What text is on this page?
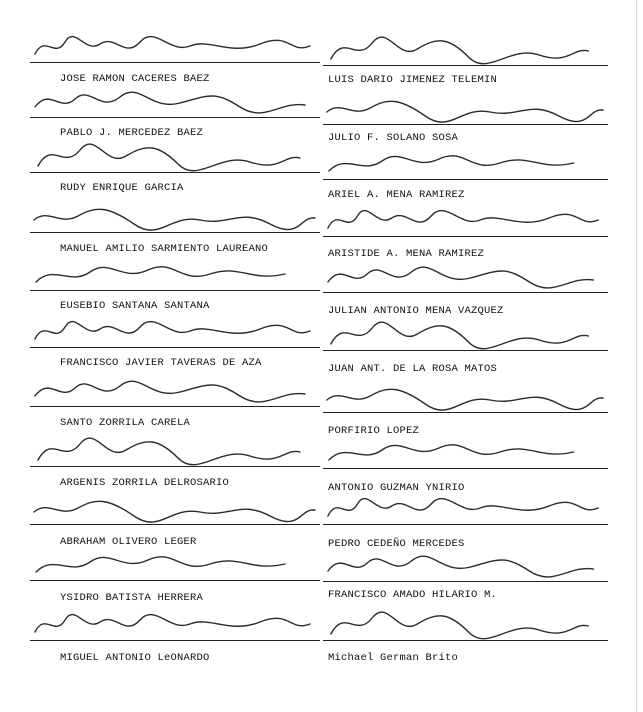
JOSE RAMON CACERES BAEZ
PABLO J. MERCEDEZ BAEZ
RUDY ENRIQUE GARCIA
MANUEL AMILIO SARMIENTO LAUREANO
EUSEBIO SANTANA SANTANA
FRANCISCO JAVIER TAVERAS DE AZA
SANTO ZORRILA CARELA
ARGENIS ZORRILA DELROSARIO
ABRAHAM OLIVERO LEGER
YSIDRO BATISTA HERRERA
MIGUEL ANTONIO LeONARDO
LUIS DARIO JIMENEZ TELEMIN
JULIO F. SOLANO SOSA
ARIEL A. MENA RAMIREZ
ARISTIDE A. MENA RAMIREZ
JULIAN ANTONIO MENA VAZQUEZ
JUAN ANT. DE LA ROSA MATOS
PORFIRIO LOPEZ
ANTONIO GUZMAN YNIRIO
PEDRO CEDEÑO MERCEDES
FRANCISCO AMADO HILARIO M.
Michael German Brito
